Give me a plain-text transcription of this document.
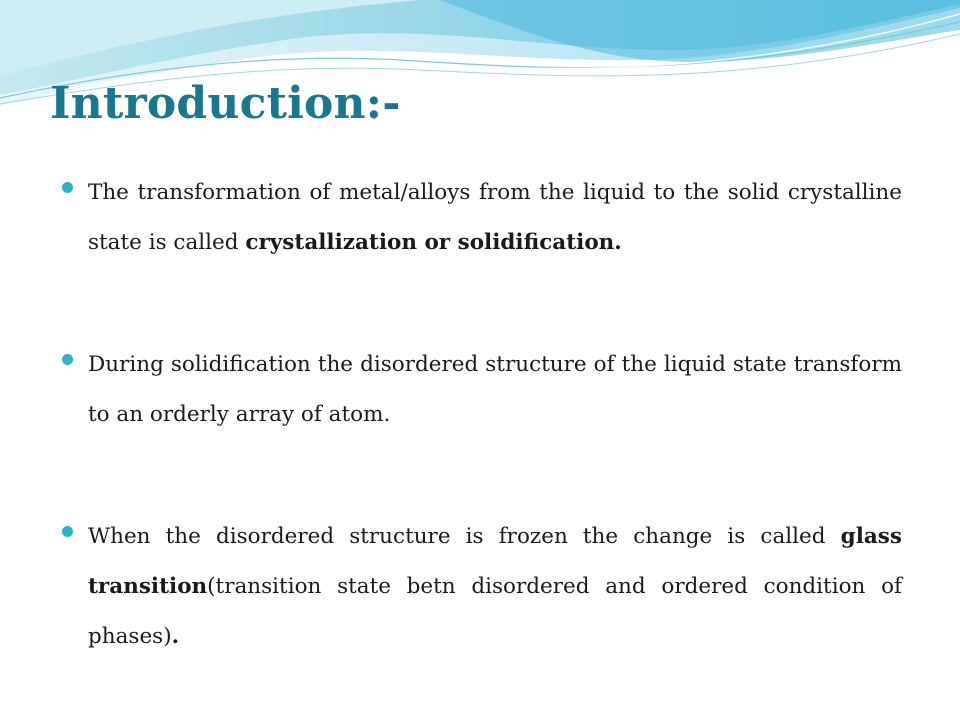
Introduction:-
The transformation of metal/alloys from the liquid to the solid crystalline state is called crystallization or solidification.
During solidification the disordered structure of the liquid state transform to an orderly array of atom.
When the disordered structure is frozen the change is called glass transition(transition state betn disordered and ordered condition of phases).
